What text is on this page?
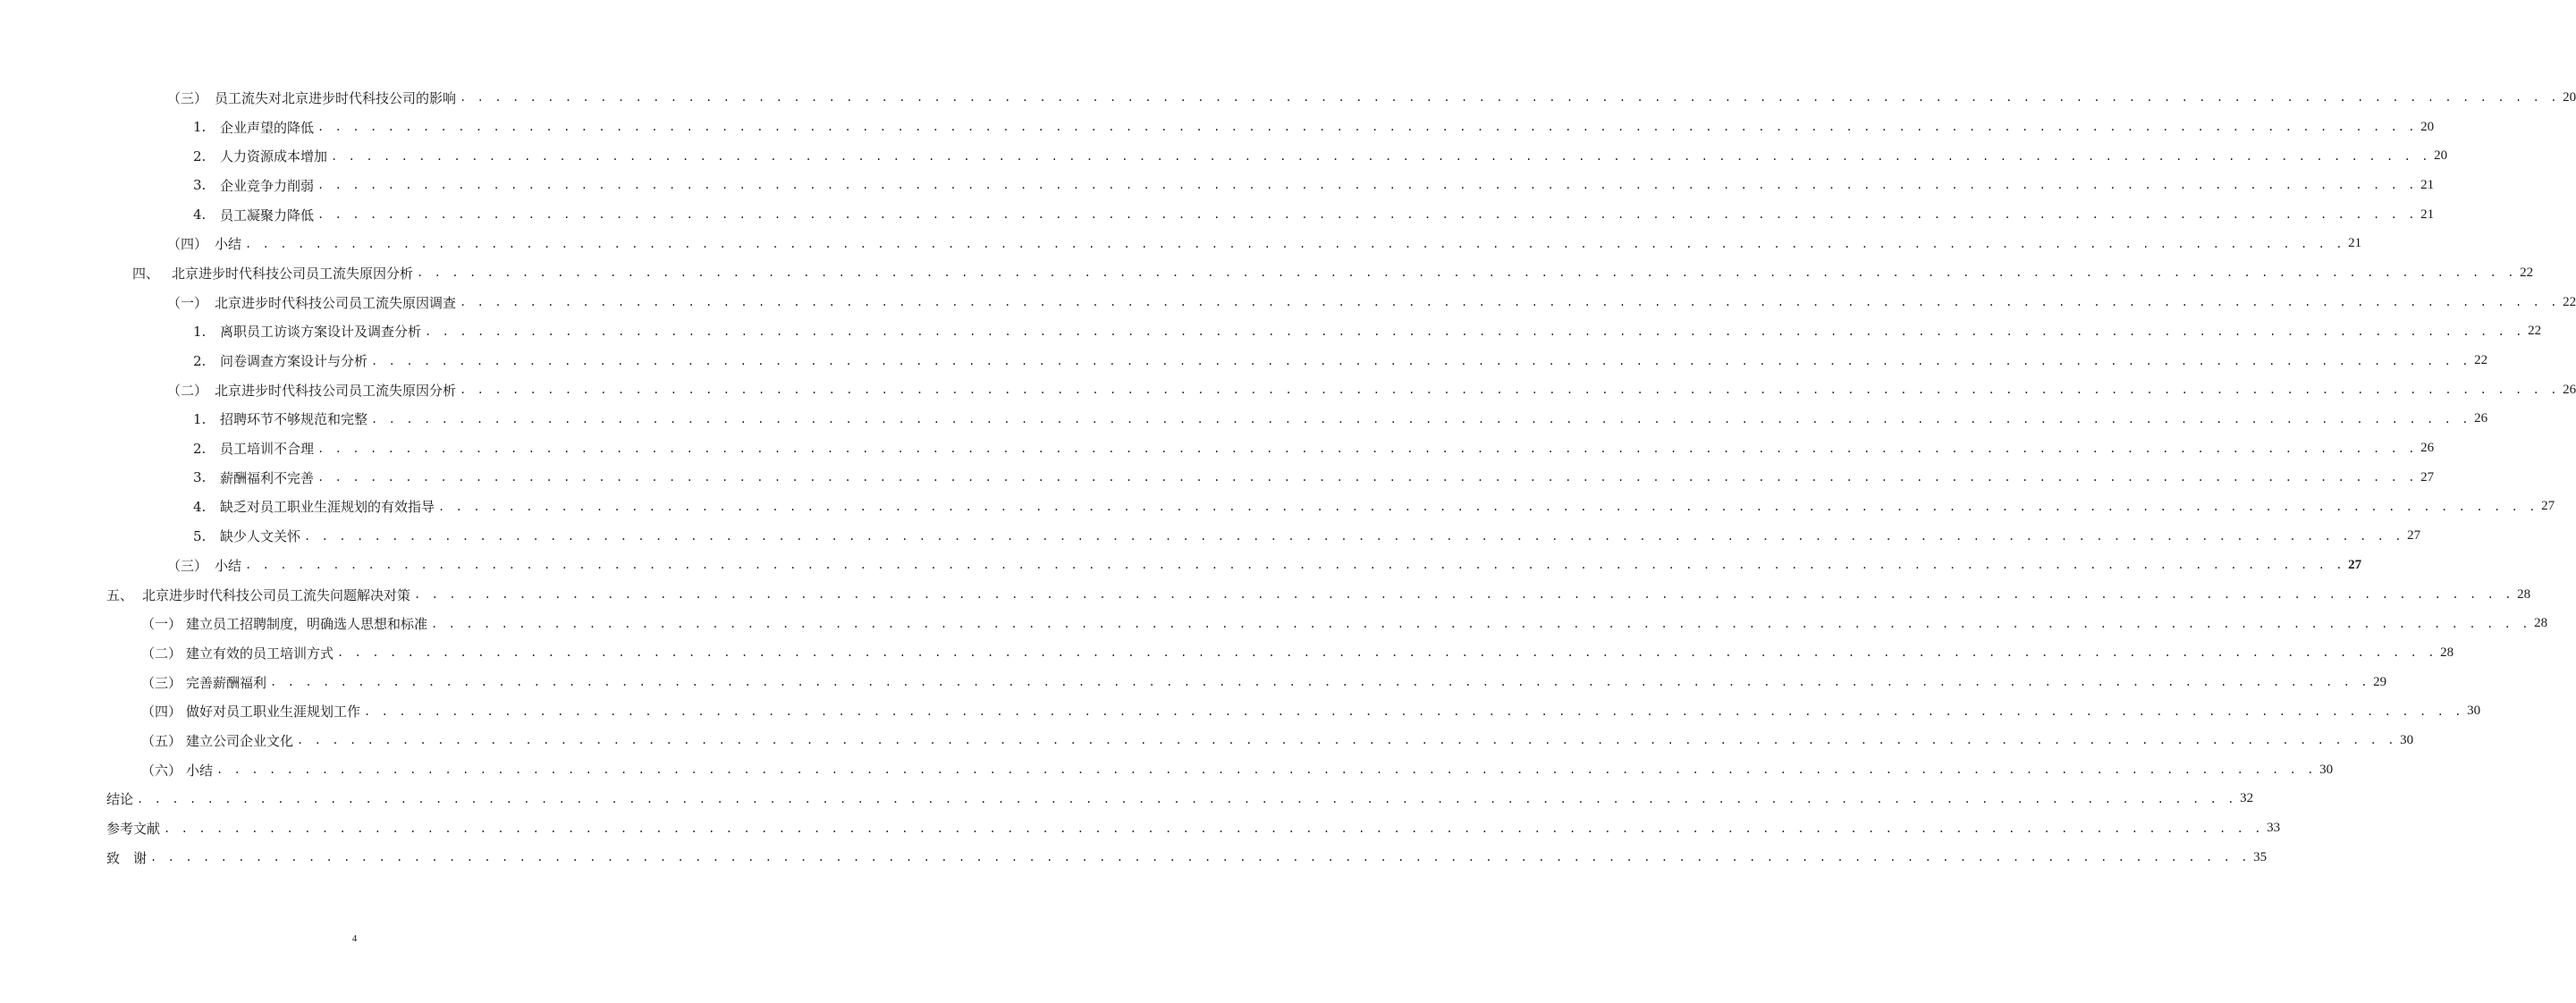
（三） 员工流失对北京进步时代科技公司的影响 . . . . . . . . . . . . . . . . . . . . . . . . . . . . . . . . . . . . . . . . . . . . . . . . . . . . . . . . . . . . . . . . . . . . . . . . . . . . . . . . . . . . . . . . . . . . . . . . . . . . . . . . . . . . . . . . . . . . . . . . 20
1.	企业声望的降低 . . . . . . . . . . . . . . . . . . . . . . . . . . . . . . . . . . . . . . . . . . . . . . . . . . . . . . . . . . . . . . . . . . . . . . . . . . . . . . . . . . . . . . . . . . . . . . . . . . . . . . . . . . . . . . . . . . . . . . . . 20
2.	人力资源成本增加 . . . . . . . . . . . . . . . . . . . . . . . . . . . . . . . . . . . . . . . . . . . . . . . . . . . . . . . . . . . . . . . . . . . . . . . . . . . . . . . . . . . . . . . . . . . . . . . . . . . . . . . . . . . . . . . . . . . . . . . . 20
3.	企业竞争力削弱 . . . . . . . . . . . . . . . . . . . . . . . . . . . . . . . . . . . . . . . . . . . . . . . . . . . . . . . . . . . . . . . . . . . . . . . . . . . . . . . . . . . . . . . . . . . . . . . . . . . . . . . . . . . . . . . . . . . . . . . . 21
4.	员工凝聚力降低 . . . . . . . . . . . . . . . . . . . . . . . . . . . . . . . . . . . . . . . . . . . . . . . . . . . . . . . . . . . . . . . . . . . . . . . . . . . . . . . . . . . . . . . . . . . . . . . . . . . . . . . . . . . . . . . . . . . . . . . . 21
（四） 小结 . . . . . . . . . . . . . . . . . . . . . . . . . . . . . . . . . . . . . . . . . . . . . . . . . . . . . . . . . . . . . . . . . . . . . . . . . . . . . . . . . . . . . . . . . . . . . . . . . . . . . . . . . . . . . . . . . . . . . . . . 21
四、 北京进步时代科技公司员工流失原因分析 . . . . . . . . . . . . . . . . . . . . . . . . . . . . . . . . . . . . . . . . . . . . . . . . . . . . . . . . . . . . . . . . . . . . . . . . . . . . . . . . . . . . . . . . . . . . . . . . . . . . . . . . . . . . . . . . . . . . . . . . 22
（一） 北京进步时代科技公司员工流失原因调查 . . . . . . . . . . . . . . . . . . . . . . . . . . . . . . . . . . . . . . . . . . . . . . . . . . . . . . . . . . . . . . . . . . . . . . . . . . . . . . . . . . . . . . . . . . . . . . . . . . . . . . . . . . . . . . . . . . . . . . . . 22
1.	离职员工访谈方案设计及调查分析 . . . . . . . . . . . . . . . . . . . . . . . . . . . . . . . . . . . . . . . . . . . . . . . . . . . . . . . . . . . . . . . . . . . . . . . . . . . . . . . . . . . . . . . . . . . . . . . . . . . . . . . . . . . . . . . . . . . . . . . . 22
2.	问卷调查方案设计与分析 . . . . . . . . . . . . . . . . . . . . . . . . . . . . . . . . . . . . . . . . . . . . . . . . . . . . . . . . . . . . . . . . . . . . . . . . . . . . . . . . . . . . . . . . . . . . . . . . . . . . . . . . . . . . . . . . . . . . . . . . 22
（二） 北京进步时代科技公司员工流失原因分析 . . . . . . . . . . . . . . . . . . . . . . . . . . . . . . . . . . . . . . . . . . . . . . . . . . . . . . . . . . . . . . . . . . . . . . . . . . . . . . . . . . . . . . . . . . . . . . . . . . . . . . . . . . . . . . . . . . . . . . . . 26
1.	招聘环节不够规范和完整 . . . . . . . . . . . . . . . . . . . . . . . . . . . . . . . . . . . . . . . . . . . . . . . . . . . . . . . . . . . . . . . . . . . . . . . . . . . . . . . . . . . . . . . . . . . . . . . . . . . . . . . . . . . . . . . . . . . . . . . . 26
2.	员工培训不合理 . . . . . . . . . . . . . . . . . . . . . . . . . . . . . . . . . . . . . . . . . . . . . . . . . . . . . . . . . . . . . . . . . . . . . . . . . . . . . . . . . . . . . . . . . . . . . . . . . . . . . . . . . . . . . . . . . . . . . . . . 26
3.	薪酬福利不完善 . . . . . . . . . . . . . . . . . . . . . . . . . . . . . . . . . . . . . . . . . . . . . . . . . . . . . . . . . . . . . . . . . . . . . . . . . . . . . . . . . . . . . . . . . . . . . . . . . . . . . . . . . . . . . . . . . . . . . . . . 27
4.	缺乏对员工职业生涯规划的有效指导 . . . . . . . . . . . . . . . . . . . . . . . . . . . . . . . . . . . . . . . . . . . . . . . . . . . . . . . . . . . . . . . . . . . . . . . . . . . . . . . . . . . . . . . . . . . . . . . . . . . . . . . . . . . . . . . . . . . . . . . . 27
5.	缺少人文关怀 . . . . . . . . . . . . . . . . . . . . . . . . . . . . . . . . . . . . . . . . . . . . . . . . . . . . . . . . . . . . . . . . . . . . . . . . . . . . . . . . . . . . . . . . . . . . . . . . . . . . . . . . . . . . . . . . . . . . . . . . 27
（三） 小结 . . . . . . . . . . . . . . . . . . . . . . . . . . . . . . . . . . . . . . . . . . . . . . . . . . . . . . . . . . . . . . . . . . . . . . . . . . . . . . . . . . . . . . . . . . . . . . . . . . . . . . . . . . . . . . . . . . . . . . . . 27
五、 北京进步时代科技公司员工流失问题解决对策 . . . . . . . . . . . . . . . . . . . . . . . . . . . . . . . . . . . . . . . . . . . . . . . . . . . . . . . . . . . . . . . . . . . . . . . . . . . . . . . . . . . . . . . . . . . . . . . . . . . . . . . . . . . . . . . . . . . . . . . . 28
（一） 建立员工招聘制度，明确选人思想和标准 . . . . . . . . . . . . . . . . . . . . . . . . . . . . . . . . . . . . . . . . . . . . . . . . . . . . . . . . . . . . . . . . . . . . . . . . . . . . . . . . . . . . . . . . . . . . . . . . . . . . . . . . . . . . . . . . . . . . . . . . 28
（二） 建立有效的员工培训方式 . . . . . . . . . . . . . . . . . . . . . . . . . . . . . . . . . . . . . . . . . . . . . . . . . . . . . . . . . . . . . . . . . . . . . . . . . . . . . . . . . . . . . . . . . . . . . . . . . . . . . . . . . . . . . . . . . . . . . . . . 28
（三） 完善薪酬福利 . . . . . . . . . . . . . . . . . . . . . . . . . . . . . . . . . . . . . . . . . . . . . . . . . . . . . . . . . . . . . . . . . . . . . . . . . . . . . . . . . . . . . . . . . . . . . . . . . . . . . . . . . . . . . . . . . . . . . . . . 29
（四） 做好对员工职业生涯规划工作 . . . . . . . . . . . . . . . . . . . . . . . . . . . . . . . . . . . . . . . . . . . . . . . . . . . . . . . . . . . . . . . . . . . . . . . . . . . . . . . . . . . . . . . . . . . . . . . . . . . . . . . . . . . . . . . . . . . . . . . . 30
（五） 建立公司企业文化 . . . . . . . . . . . . . . . . . . . . . . . . . . . . . . . . . . . . . . . . . . . . . . . . . . . . . . . . . . . . . . . . . . . . . . . . . . . . . . . . . . . . . . . . . . . . . . . . . . . . . . . . . . . . . . . . . . . . . . . . 30
（六） 小结 . . . . . . . . . . . . . . . . . . . . . . . . . . . . . . . . . . . . . . . . . . . . . . . . . . . . . . . . . . . . . . . . . . . . . . . . . . . . . . . . . . . . . . . . . . . . . . . . . . . . . . . . . . . . . . . . . . . . . . . . 30
结论 . . . . . . . . . . . . . . . . . . . . . . . . . . . . . . . . . . . . . . . . . . . . . . . . . . . . . . . . . . . . . . . . . . . . . . . . . . . . . . . . . . . . . . . . . . . . . . . . . . . . . . . . . . . . . . . . . . . . . . . . 32
参考文献 . . . . . . . . . . . . . . . . . . . . . . . . . . . . . . . . . . . . . . . . . . . . . . . . . . . . . . . . . . . . . . . . . . . . . . . . . . . . . . . . . . . . . . . . . . . . . . . . . . . . . . . . . . . . . . . . . . . . . . . . 33
致　谢 . . . . . . . . . . . . . . . . . . . . . . . . . . . . . . . . . . . . . . . . . . . . . . . . . . . . . . . . . . . . . . . . . . . . . . . . . . . . . . . . . . . . . . . . . . . . . . . . . . . . . . . . . . . . . . . . . . . . . . . . 35
4
